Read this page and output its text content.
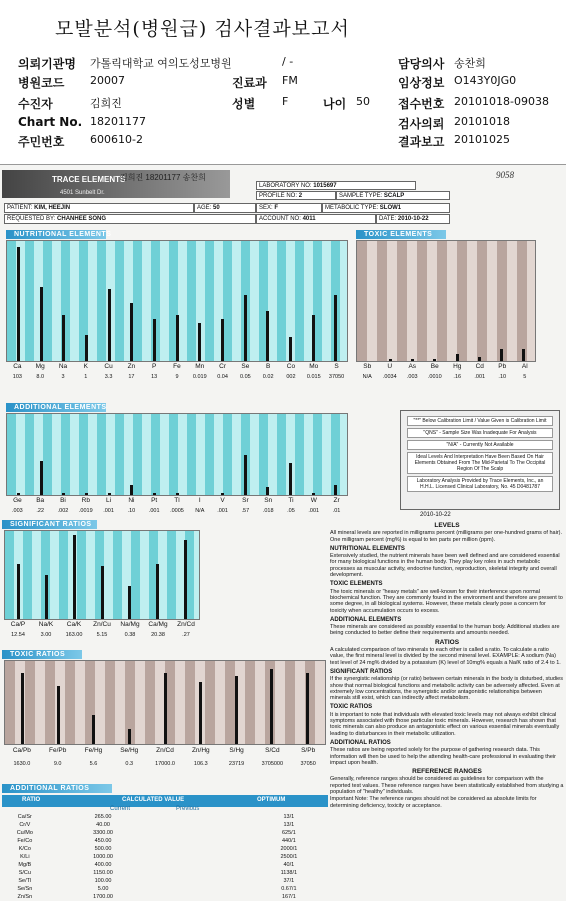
모발분석(병원급) 검사결과보고서
의뢰기관명 가톨릭대학교 여의도성모병원	/ -	담당의사 송찬희
병원코드 20007	진료과 FM	임상정보 O143Y0JG0
수진자	김희진	성별 F	나이 50 접수번호 20101018-09038
Chart No. 18201177	검사의뢰 20101018
주민번호 600610-2	결과보고 20101025
TRACE ELEMENTS
4501 Sunbelt Dr.
김희진 18201177 송찬희	9058
LABORATORY NO: 1015697
PROFILE NO: 2	SAMPLE TYPE: SCALP
PATIENT: KIM, HEEJIN	AGE: 50	SEX: F	METABOLIC TYPE: SLOW1
REQUESTED BY: CHANHEE SONG	ACCOUNT NO: 4011	DATE: 2010-10-22
NUTRITIONAL ELEMENTS
Ca	Mg	Na	K	Cu	Zn	P	Fe	Mn	Cr	Se	B	Co	Mo	S
103	8.0	3	1	3.3	17	13	9	0.019	0.04	0.05	0.02	002	0.015	37050
TOXIC ELEMENTS
Sb	U	As	Be	Hg	Cd	Pb	Al
N/A	.0034	.003	.0010	.16	.001	.10	5
ADDITIONAL ELEMENTS
Ge	Ba	Bi	Rb	Li	Ni	Pt	Tl	I	V	Sr	Sn	Ti	W	Zr
.003	.22	.002	.0019	.001	.10	.001	.0005	N/A	.001	.57	.018	.05	.001	.01
"**" Below Calibration Limit / Value Given is Calibration Limit
"QNS" - Sample Size Was Inadequate For Analysis
"N/A" - Currently Not Available
Ideal Levels And Interpretation Have Been Based On Hair Elements Obtained From The Mid-Parietal To The Occipital Region Of The Scalp
Laboratory Analysis Provided by Trace Elements, Inc., an H.H.L. Licensed Clinical Laboratory, No. 45 D0481787
2010-10-22
SIGNIFICANT RATIOS
Ca/P	Na/K	Ca/K	Zn/Cu	Na/Mg	Ca/Mg	Zn/Cd
12.54	3.00	163.00	5.15	0.38	20.38	.27
TOXIC RATIOS
Ca/Pb	Fe/Pb	Fe/Hg	Se/Hg	Zn/Cd	Zn/Hg	S/Hg	S/Cd	S/Pb
1630.0	9.0	5.6	0.3	17000.0	106.3	23719	3705000	37050
ADDITIONAL RATIOS
RATIO	CALCULATED VALUE	OPTIMUM
Current	Previous
Ca/Sr	265.00		13/1
Cr/V	40.00		13/1
Cu/Mo	3300.00		625/1
Fe/Co	450.00		440/1
K/Co	500.00		2000/1
K/Li	1000.00		2500/1
Mg/B	400.00		40/1
S/Cu	1150.00		1138/1
Se/Tl	100.00		37/1
Se/Sn	5.00		0.67/1
Zn/Sn	1700.00		167/1
LEVELS

All mineral levels are reported in milligrams percent (milligrams per one-hundred grams of hair). One milligram percent (mg%) is equal to ten parts per million (ppm).

NUTRITIONAL ELEMENTS

Extensively studied, the nutrient minerals have been well defined and are considered essential for many biological functions in the human body. They play key roles in such metabolic processes as muscular activity, endocrine function, reproduction, skeletal integrity and overall development.

TOXIC ELEMENTS

The toxic minerals or "heavy metals" are well-known for their interference upon normal biochemical function. They are commonly found in the environment and therefore are present to some degree, in all biological systems. However, these metals clearly pose a concern for toxicity when accumulation occurs to excess.

ADDITIONAL ELEMENTS

These minerals are considered as possibly essential to the human body. Additional studies are being conducted to better define their requirements and amounts needed.

RATIOS

A calculated comparison of two minerals to each other is called a ratio. To calculate a ratio value, the first mineral level is divided by the second mineral level. EXAMPLE: A sodium (Na) test level of 24 mg% divided by a potassium (K) level of 10mg% equals a Na/K ratio of 2.4 to 1.

SIGNIFICANT RATIOS

If the synergistic relationship (or ratio) between certain minerals in the body is disturbed, studies show that normal biological functions and metabolic activity can be adversely affected. Even at extremely low concentrations, the synergistic and/or antagonistic relationships between minerals still exist, which can indirectly affect metabolism.

TOXIC RATIOS

It is important to note that individuals with elevated toxic levels may not always exhibit clinical symptoms associated with those particular toxic minerals. However, research has shown that toxic minerals can also produce an antagonistic effect on various essential minerals eventually leading to disturbances in their metabolic utilization.

ADDITIONAL RATIOS

These ratios are being reported solely for the purpose of gathering research data. This information will then be used to help the attending health-care professional in evaluating their impact upon health.

REFERENCE RANGES

Generally, reference ranges should be considered as guidelines for comparison with the reported test values. These reference ranges have been statistically established from studying a population of "healthy" individuals.

Important Note: The reference ranges should not be considered as absolute limits for determining deficiency, toxicity or acceptance.
